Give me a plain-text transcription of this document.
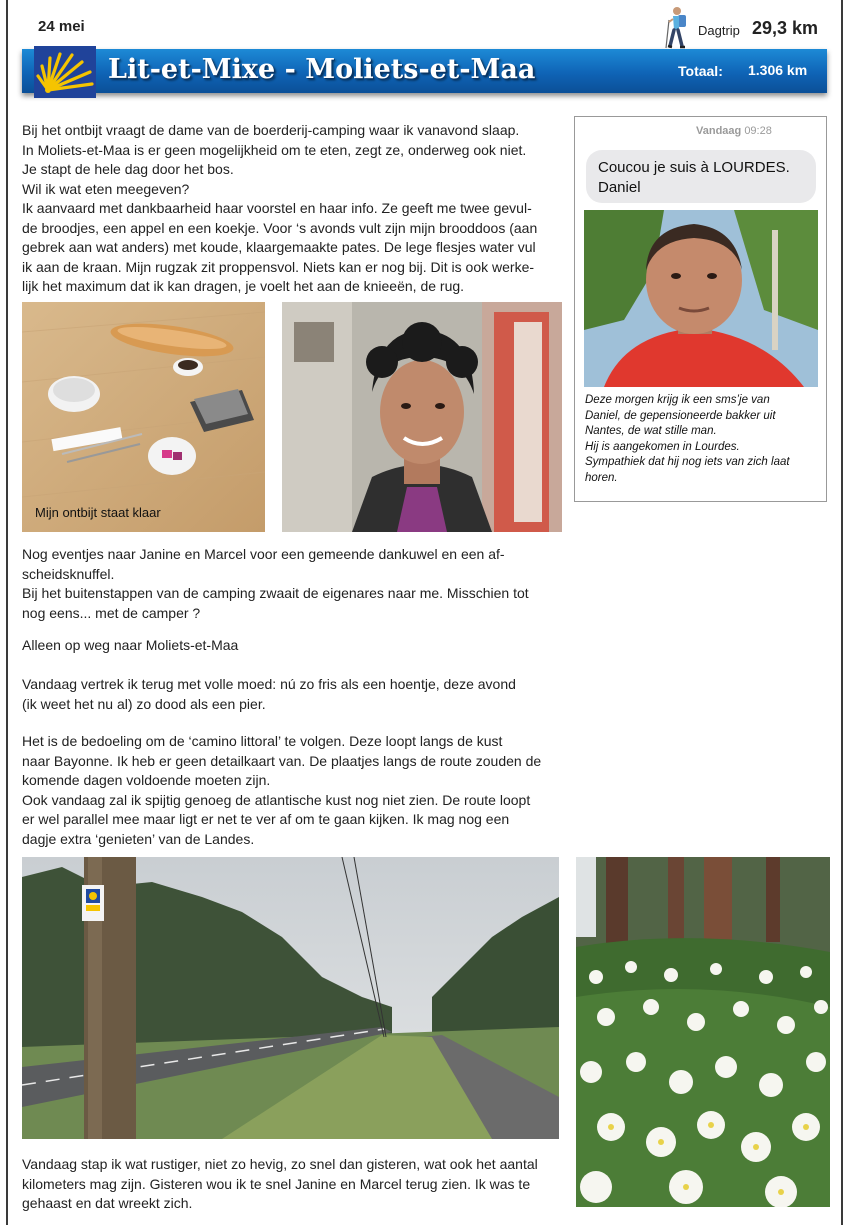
24 mei	Dagtrip 29,3 km
Lit-et-Mixe - Moliets-et-Maa	Totaal: 1.306 km

Bij het ontbijt vraagt de dame van de boerderij-camping waar ik vanavond slaap.
In Moliets-et-Maa is er geen mogelijkheid om te eten, zegt ze, onderweg ook niet.
Je stapt de hele dag door het bos.
Wil ik wat eten meegeven?
Ik aanvaard met dankbaarheid haar voorstel en haar info. Ze geeft me twee gevul-
de broodjes, een appel en een koekje. Voor ‘s avonds vult zijn mijn brooddoos (aan
gebrek aan wat anders) met koude, klaargemaakte pates. De lege flesjes water vul
ik aan de kraan. Mijn rugzak zit proppensvol. Niets kan er nog bij. Dit is ook werke-
lijk het maximum dat ik kan dragen, je voelt het aan de knieeën, de rug.

Mijn ontbijt staat klaar
Vandaag 09:28
Coucou je suis à LOURDES.
Daniel
Deze morgen krijg ik een sms’je van
Daniel, de gepensioneerde bakker uit
Nantes, de wat stille man.
Hij is aangekomen in Lourdes.
Sympathiek dat hij nog iets van zich laat
horen.

Nog eventjes naar Janine en Marcel voor een gemeende dankuwel en een af-
scheidsknuffel.
Bij het buitenstappen van de camping zwaait de eigenares naar me. Misschien tot
nog eens... met de camper ?

Alleen op weg naar Moliets-et-Maa

Vandaag vertrek ik terug met volle moed: nú zo fris als een hoentje, deze avond
(ik weet het nu al) zo dood als een pier.

Het is de bedoeling om de ‘camino littoral’ te volgen. Deze loopt langs de kust
naar Bayonne. Ik heb er geen detailkaart van. De plaatjes langs de route zouden de
komende dagen voldoende moeten zijn.
Ook vandaag zal ik spijtig genoeg de atlantische kust nog niet zien. De route loopt
er wel parallel mee maar ligt er net te ver af om te gaan kijken. Ik mag nog een
dagje extra ‘genieten’ van de Landes.

Vandaag stap ik wat rustiger, niet zo hevig, zo snel dan gisteren, wat ook het aantal
kilometers mag zijn. Gisteren wou ik te snel Janine en Marcel terug zien. Ik was te
gehaast en dat wreekt zich.
